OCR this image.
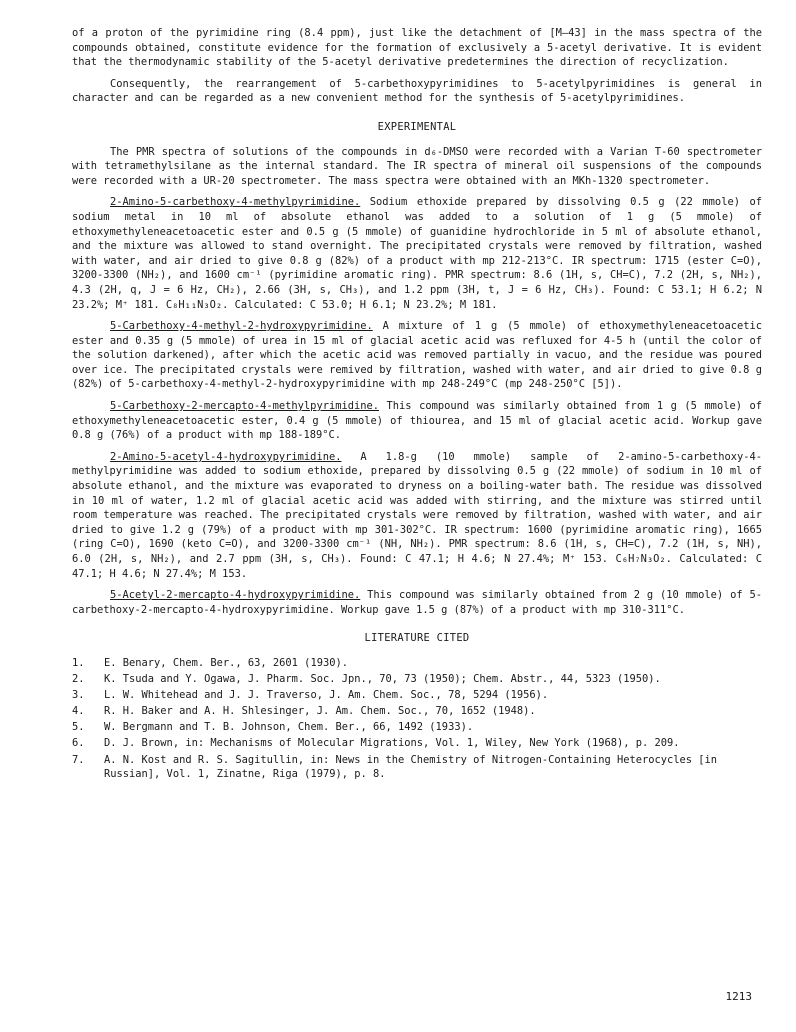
of a proton of the pyrimidine ring (8.4 ppm), just like the detachment of [M–43] in the mass spectra of the compounds obtained, constitute evidence for the formation of exclusively a 5-acetyl derivative. It is evident that the thermodynamic stability of the 5-acetyl derivative predetermines the direction of recyclization.

Consequently, the rearrangement of 5-carbethoxypyrimidines to 5-acetylpyrimidines is general in character and can be regarded as a new convenient method for the synthesis of 5-acetylpyrimidines.

EXPERIMENTAL

The PMR spectra of solutions of the compounds in d₆-DMSO were recorded with a Varian T-60 spectrometer with tetramethylsilane as the internal standard. The IR spectra of mineral oil suspensions of the compounds were recorded with a UR-20 spectrometer. The mass spectra were obtained with an MKh-1320 spectrometer.

2-Amino-5-carbethoxy-4-methylpyrimidine. Sodium ethoxide prepared by dissolving 0.5 g (22 mmole) of sodium metal in 10 ml of absolute ethanol was added to a solution of 1 g (5 mmole) of ethoxymethyleneacetoacetic ester and 0.5 g (5 mmole) of guanidine hydrochloride in 5 ml of absolute ethanol, and the mixture was allowed to stand overnight. The precipitated crystals were removed by filtration, washed with water, and air dried to give 0.8 g (82%) of a product with mp 212-213°C. IR spectrum: 1715 (ester C=O), 3200-3300 (NH₂), and 1600 cm⁻¹ (pyrimidine aromatic ring). PMR spectrum: 8.6 (1H, s, CH=C), 7.2 (2H, s, NH₂), 4.3 (2H, q, J = 6 Hz, CH₂), 2.66 (3H, s, CH₃), and 1.2 ppm (3H, t, J = 6 Hz, CH₃). Found: C 53.1; H 6.2; N 23.2%; M⁺ 181. C₈H₁₁N₃O₂. Calculated: C 53.0; H 6.1; N 23.2%; M 181.

5-Carbethoxy-4-methyl-2-hydroxypyrimidine. A mixture of 1 g (5 mmole) of ethoxymethyleneacetoacetic ester and 0.35 g (5 mmole) of urea in 15 ml of glacial acetic acid was refluxed for 4-5 h (until the color of the solution darkened), after which the acetic acid was removed partially in vacuo, and the residue was poured over ice. The precipitated crystals were remived by filtration, washed with water, and air dried to give 0.8 g (82%) of 5-carbethoxy-4-methyl-2-hydroxypyrimidine with mp 248-249°C (mp 248-250°C [5]).

5-Carbethoxy-2-mercapto-4-methylpyrimidine. This compound was similarly obtained from 1 g (5 mmole) of ethoxymethyleneacetoacetic ester, 0.4 g (5 mmole) of thiourea, and 15 ml of glacial acetic acid. Workup gave 0.8 g (76%) of a product with mp 188-189°C.

2-Amino-5-acetyl-4-hydroxypyrimidine. A 1.8-g (10 mmole) sample of 2-amino-5-carbethoxy-4-methylpyrimidine was added to sodium ethoxide, prepared by dissolving 0.5 g (22 mmole) of sodium in 10 ml of absolute ethanol, and the mixture was evaporated to dryness on a boiling-water bath. The residue was dissolved in 10 ml of water, 1.2 ml of glacial acetic acid was added with stirring, and the mixture was stirred until room temperature was reached. The precipitated crystals were removed by filtration, washed with water, and air dried to give 1.2 g (79%) of a product with mp 301-302°C. IR spectrum: 1600 (pyrimidine aromatic ring), 1665 (ring C=O), 1690 (keto C=O), and 3200-3300 cm⁻¹ (NH, NH₂). PMR spectrum: 8.6 (1H, s, CH=C), 7.2 (1H, s, NH), 6.0 (2H, s, NH₂), and 2.7 ppm (3H, s, CH₃). Found: C 47.1; H 4.6; N 27.4%; M⁺ 153. C₆H₇N₃O₂. Calculated: C 47.1; H 4.6; N 27.4%; M 153.

5-Acetyl-2-mercapto-4-hydroxypyrimidine. This compound was similarly obtained from 2 g (10 mmole) of 5-carbethoxy-2-mercapto-4-hydroxypyrimidine. Workup gave 1.5 g (87%) of a product with mp 310-311°C.

LITERATURE CITED
1.	E. Benary, Chem. Ber., 63, 2601 (1930).
2.	K. Tsuda and Y. Ogawa, J. Pharm. Soc. Jpn., 70, 73 (1950); Chem. Abstr., 44, 5323 (1950).
3.	L. W. Whitehead and J. J. Traverso, J. Am. Chem. Soc., 78, 5294 (1956).
4.	R. H. Baker and A. H. Shlesinger, J. Am. Chem. Soc., 70, 1652 (1948).
5.	W. Bergmann and T. B. Johnson, Chem. Ber., 66, 1492 (1933).
6.	D. J. Brown, in: Mechanisms of Molecular Migrations, Vol. 1, Wiley, New York (1968), p. 209.
7.	A. N. Kost and R. S. Sagitullin, in: News in the Chemistry of Nitrogen-Containing Heterocycles [in Russian], Vol. 1, Zinatne, Riga (1979), p. 8.
1213
